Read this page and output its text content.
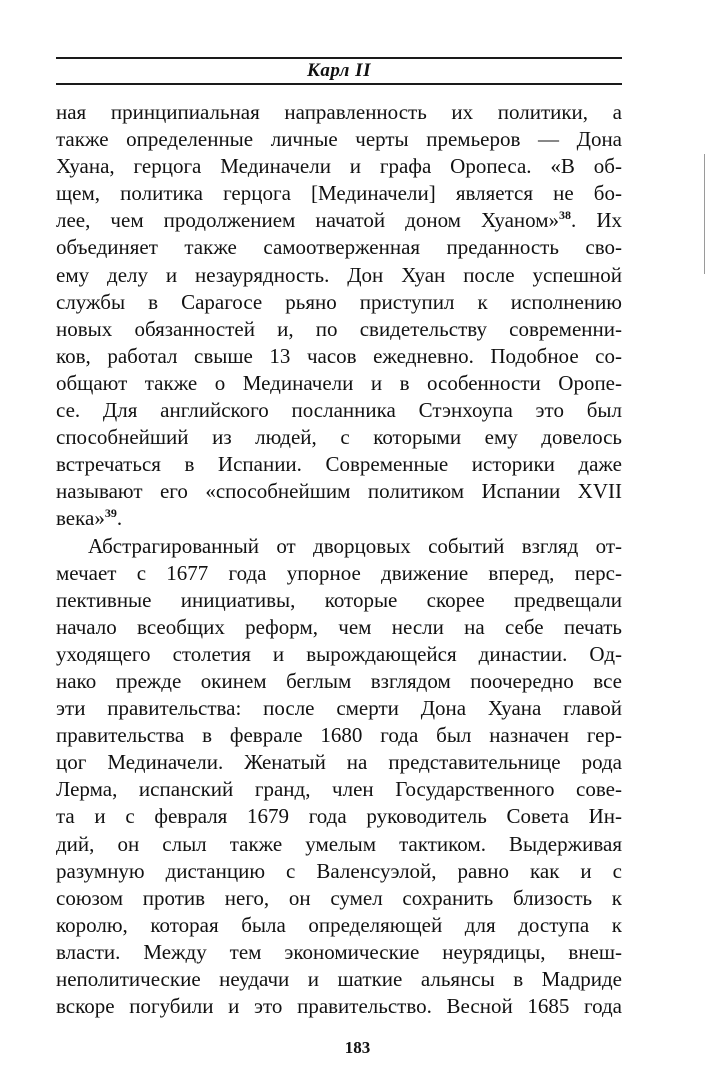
Карл II
ная принципиальная направленность их политики, а
также определенные личные черты премьеров — Дона
Хуана, герцога Мединачели и графа Оропеса. «В об-
щем, политика герцога [Мединачели] является не бо-
лее, чем продолжением начатой доном Хуаном»$^{38}$. Их
объединяет также самоотверженная преданность сво-
ему делу и незаурядность. Дон Хуан после успешной
службы в Сарагосе рьяно приступил к исполнению
новых обязанностей и, по свидетельству современни-
ков, работал свыше 13 часов ежедневно. Подобное со-
общают также о Мединачели и в особенности Оропе-
се. Для английского посланника Стэнхоупа это был
способнейший из людей, с которыми ему довелось
встречаться в Испании. Современные историки даже
называют его «способнейшим политиком Испании XVII
века»$^{39}$.
Абстрагированный от дворцовых событий взгляд от-
мечает с 1677 года упорное движение вперед, перс-
пективные инициативы, которые скорее предвещали
начало всеобщих реформ, чем несли на себе печать
уходящего столетия и вырождающейся династии. Од-
нако прежде окинем беглым взглядом поочередно все
эти правительства: после смерти Дона Хуана главой
правительства в феврале 1680 года был назначен гер-
цог Мединачели. Женатый на представительнице рода
Лерма, испанский гранд, член Государственного сове-
та и с февраля 1679 года руководитель Совета Ин-
дий, он слыл также умелым тактиком. Выдерживая
разумную дистанцию с Валенсуэлой, равно как и с
союзом против него, он сумел сохранить близость к
королю, которая была определяющей для доступа к
власти. Между тем экономические неурядицы, внеш-
неполитические неудачи и шаткие альянсы в Мадриде
вскоре погубили и это правительство. Весной 1685 года
183
